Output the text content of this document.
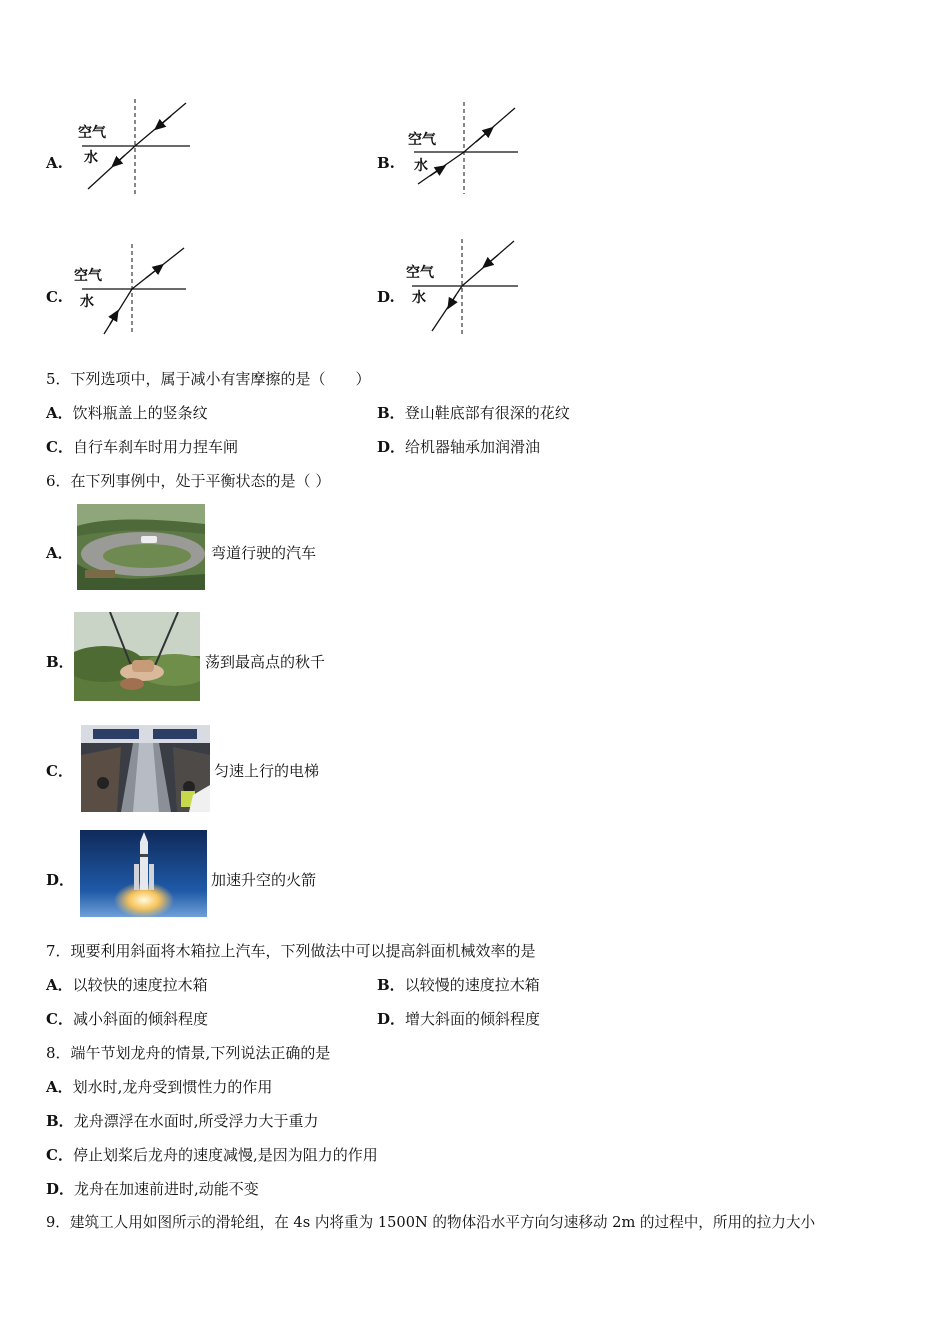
A.
空气
水	B.
空气
水
C.
空气
水	D.
空气
水
5．下列选项中，属于减小有害摩擦的是（　　）
A．饮料瓶盖上的竖条纹	B．登山鞋底部有很深的花纹
C．自行车刹车时用力捏车闸	D．给机器轴承加润滑油
6．在下列事例中，处于平衡状态的是（ ）
A．	弯道行驶的汽车
B．	荡到最高点的秋千
C．	匀速上行的电梯
D．	加速升空的火箭
7．现要利用斜面将木箱拉上汽车，下列做法中可以提高斜面机械效率的是
A．以较快的速度拉木箱	B．以较慢的速度拉木箱
C．减小斜面的倾斜程度	D．增大斜面的倾斜程度
8．端午节划龙舟的情景,下列说法正确的是
A．划水时,龙舟受到惯性力的作用
B．龙舟漂浮在水面时,所受浮力大于重力
C．停止划桨后龙舟的速度减慢,是因为阻力的作用
D．龙舟在加速前进时,动能不变
9．建筑工人用如图所示的滑轮组，在 4s 内将重为 1500N 的物体沿水平方向匀速移动 2m 的过程中，所用的拉力大小
